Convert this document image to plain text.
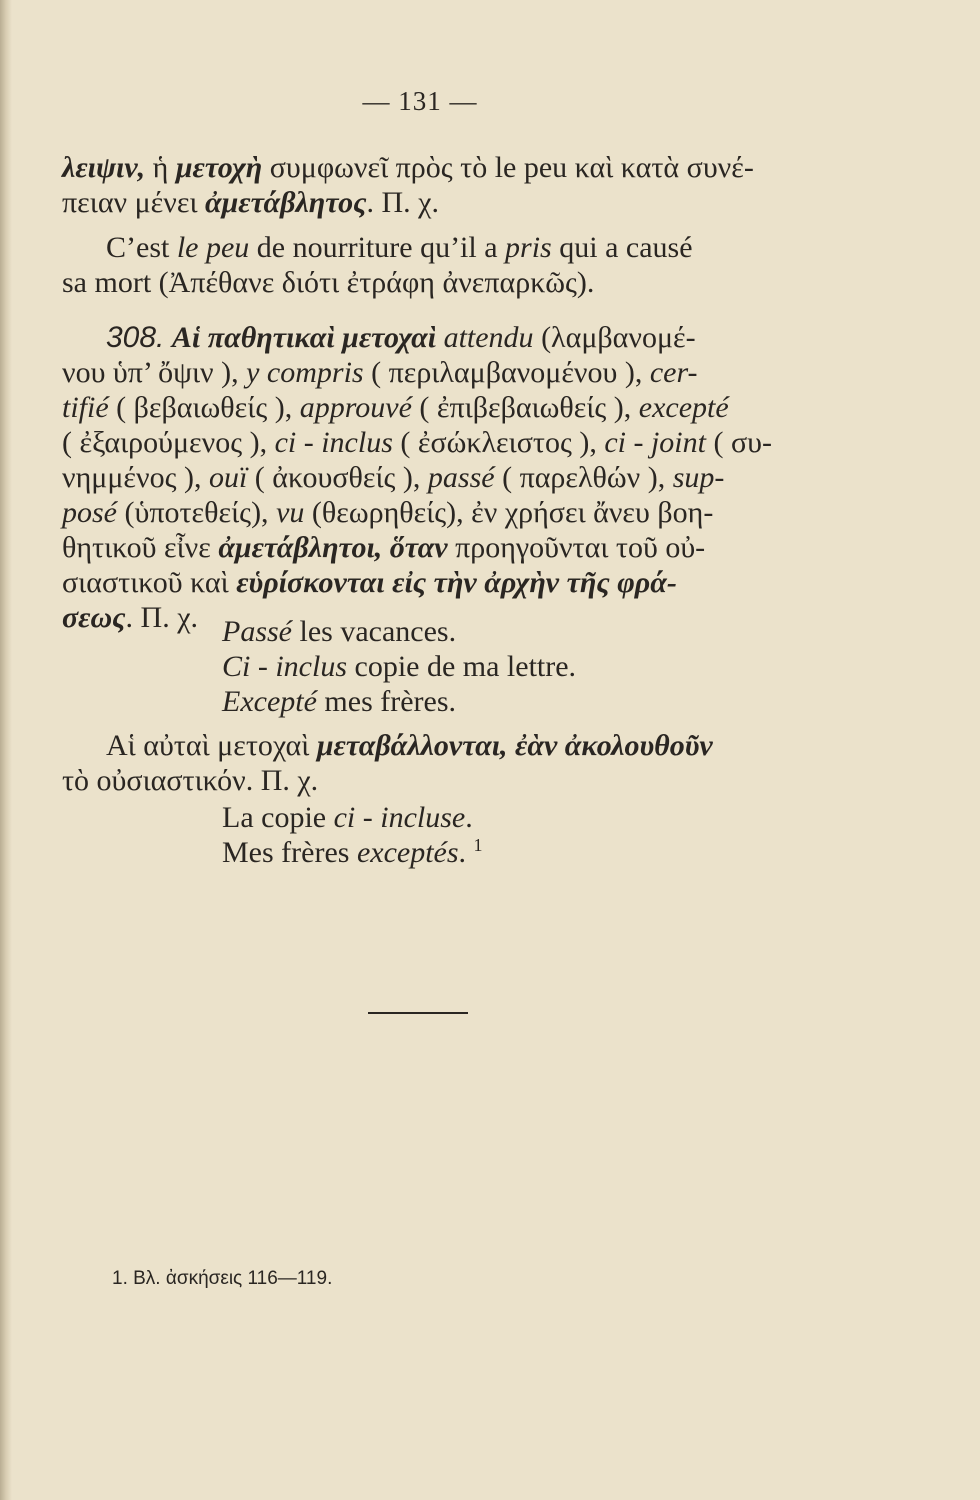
— 131 —
λειψιν, ἡ μετοχὴ συμφωνεῖ πρὸς τὸ le peu καὶ κατὰ συνέ-
πειαν μένει ἀμετάβλητος. Π. χ.
C’est le peu de nourriture qu’il a pris qui a causé
sa mort (Ἀπέθανε διότι ἐτράφη ἀνεπαρκῶς).
308. Αἱ παθητικαὶ μετοχαὶ attendu (λαμβανομέ-
νου ὑπ’ ὄψιν ), y compris ( περιλαμβανομένου ), cer-
tifié ( βεβαιωθείς ), approuvé ( ἐπιβεβαιωθείς ), excepté
( ἐξαιρούμενος ), ci - inclus ( ἐσώκλειστος ), ci - joint ( συ-
νημμένος ), ouï ( ἀκουσθείς ), passé ( παρελθών ), sup-
posé (ὑποτεθείς), vu (θεωρηθείς), ἐν χρήσει ἄνευ βοη-
θητικοῦ εἶνε ἀμετάβλητοι, ὅταν προηγοῦνται τοῦ οὐ-
σιαστικοῦ καὶ εὑρίσκονται εἰς τὴν ἀρχὴν τῆς φρά-
σεως. Π. χ. Passé les vacances.
Ci - inclus copie de ma lettre.
Excepté mes frères.
Αἱ αὐταὶ μετοχαὶ μεταβάλλονται, ἐὰν ἀκολουθοῦν
τὸ οὐσιαστικόν. Π. χ.
La copie ci - incluse.
Mes frères exceptés. $^1$
1. Βλ. ἀσκήσεις 116—119.
